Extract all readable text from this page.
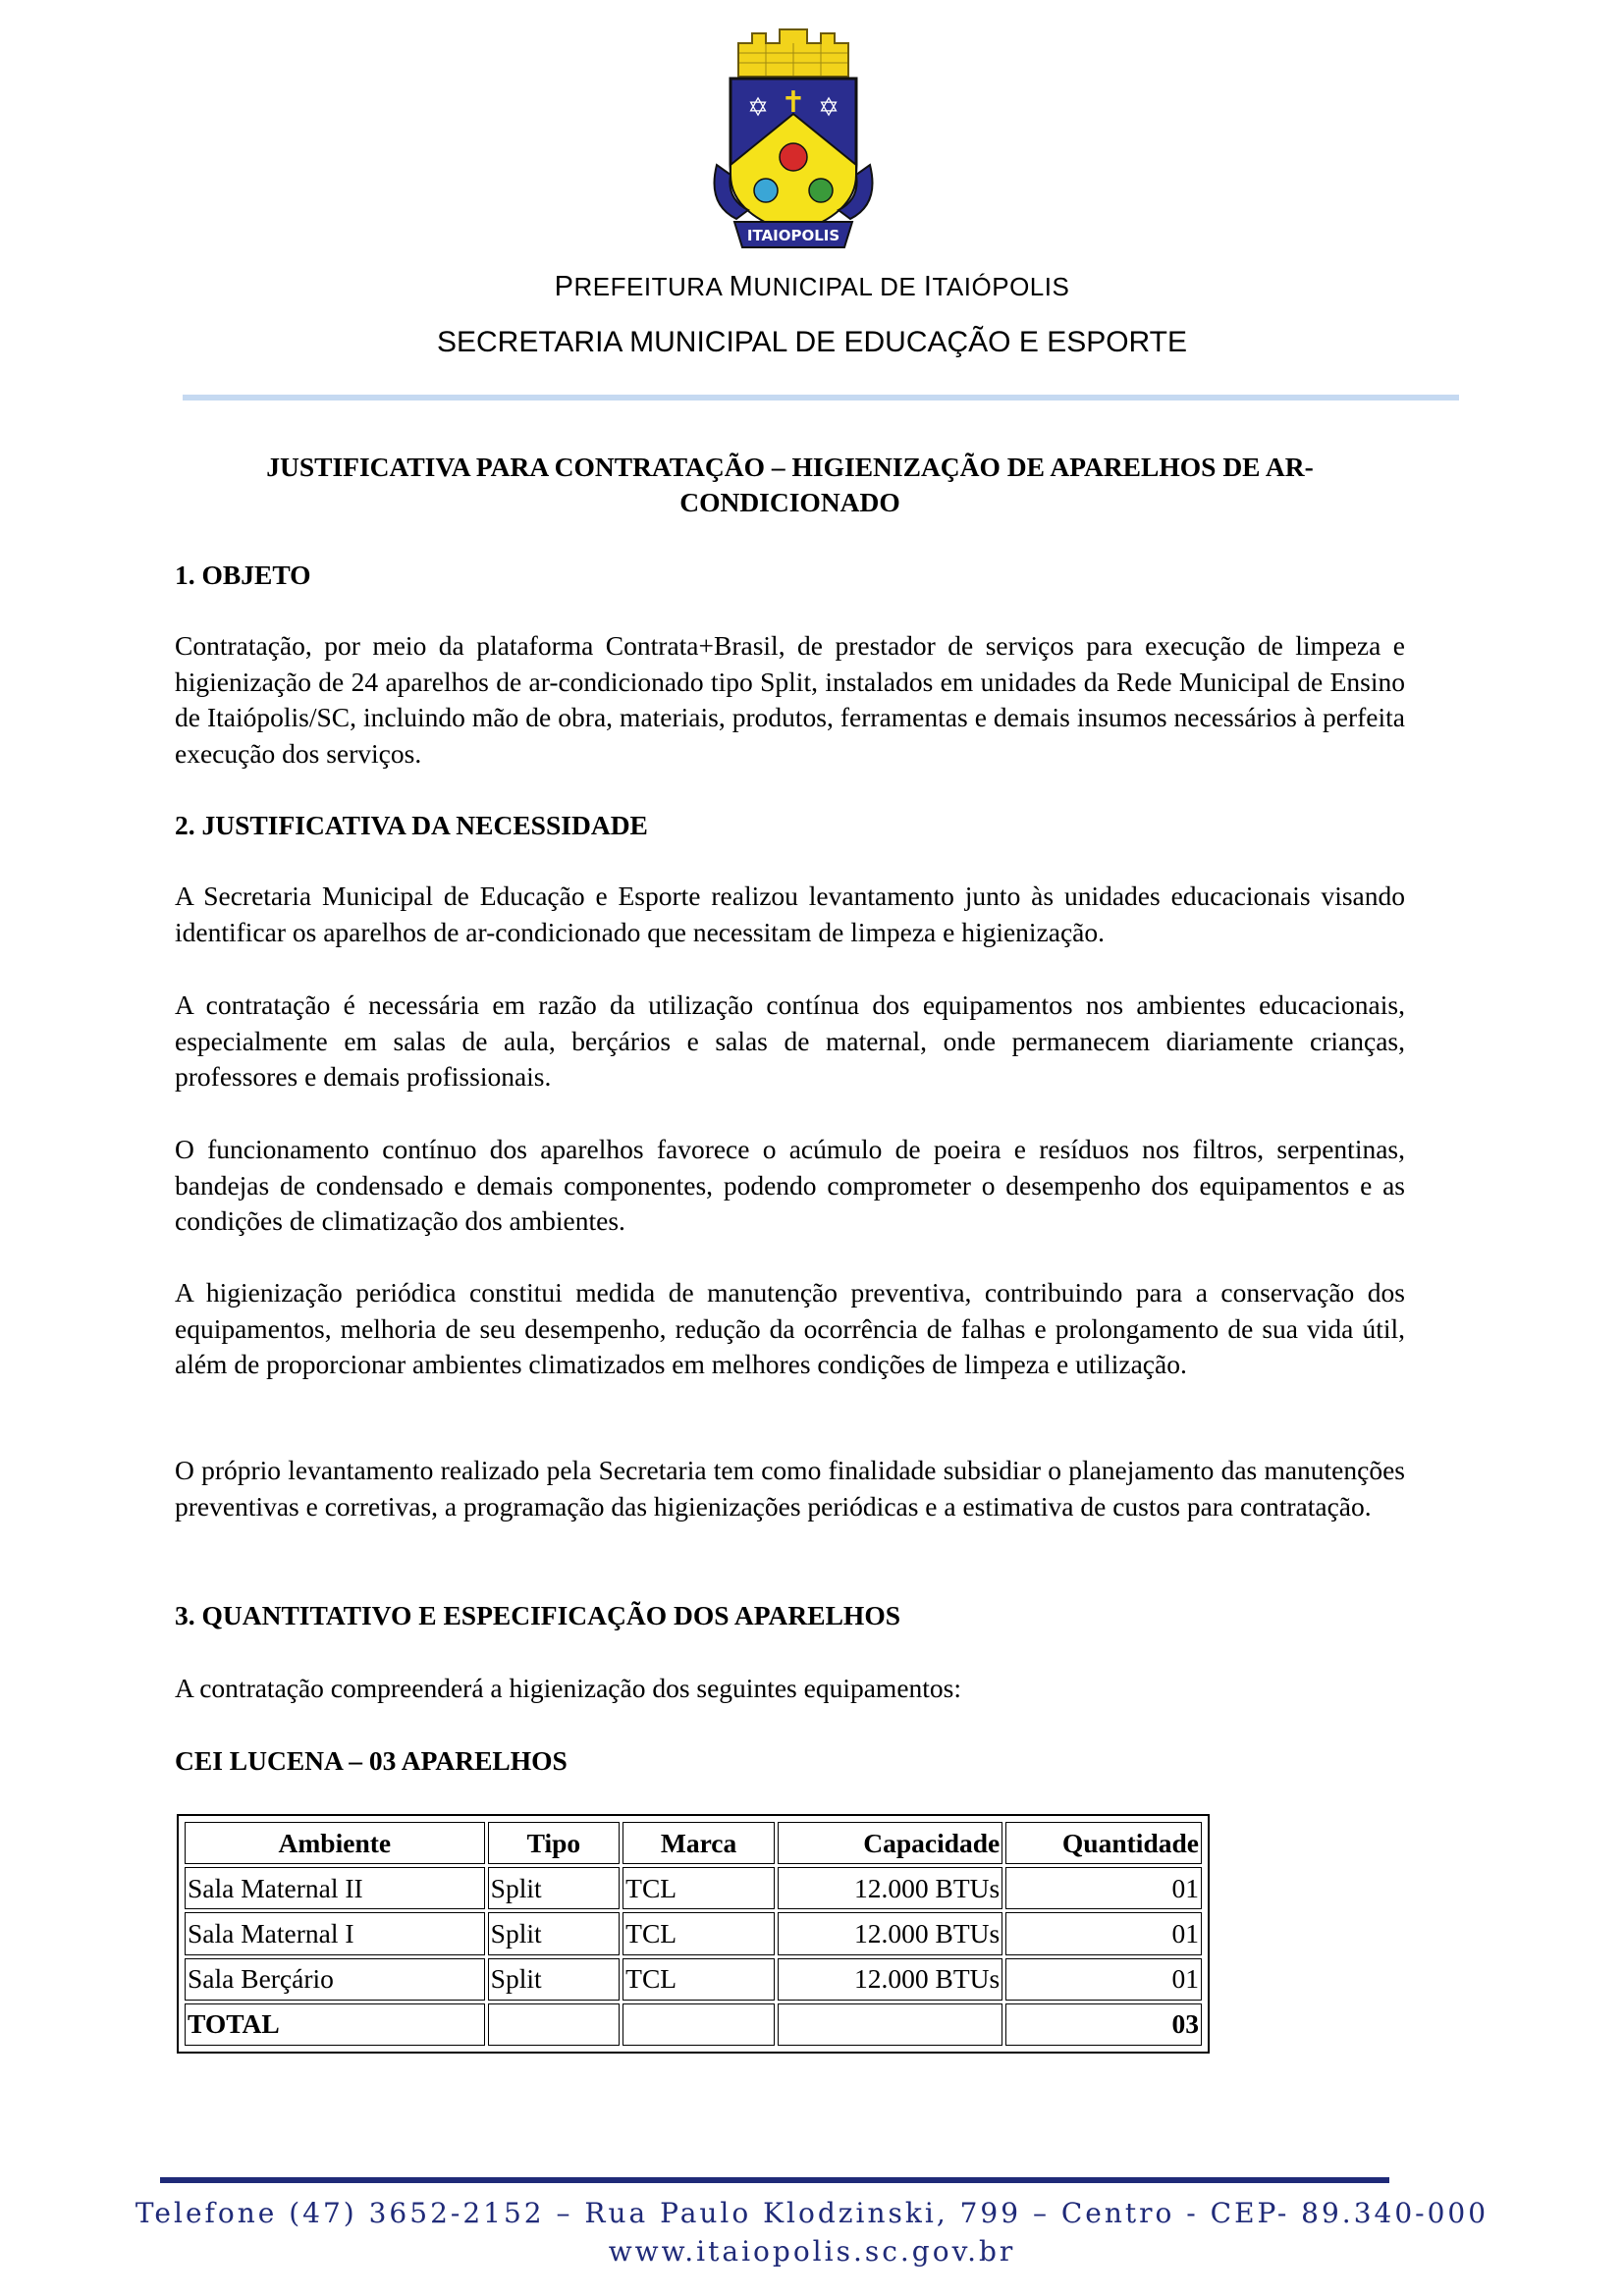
✡ ✡
✝
ITAIOPOLIS
PREFEITURA MUNICIPAL DE ITAIÓPOLIS
SECRETARIA MUNICIPAL DE EDUCAÇÃO E ESPORTE
JUSTIFICATIVA PARA CONTRATAÇÃO – HIGIENIZAÇÃO DE APARELHOS DE AR-CONDICIONADO
1. OBJETO
Contratação, por meio da plataforma Contrata+Brasil, de prestador de serviços para execução de limpeza e higienização de 24 aparelhos de ar-condicionado tipo Split, instalados em unidades da Rede Municipal de Ensino de Itaiópolis/SC, incluindo mão de obra, materiais, produtos, ferramentas e demais insumos necessários à perfeita execução dos serviços.
2. JUSTIFICATIVA DA NECESSIDADE
A Secretaria Municipal de Educação e Esporte realizou levantamento junto às unidades educacionais visando identificar os aparelhos de ar-condicionado que necessitam de limpeza e higienização.
A contratação é necessária em razão da utilização contínua dos equipamentos nos ambientes educacionais, especialmente em salas de aula, berçários e salas de maternal, onde permanecem diariamente crianças, professores e demais profissionais.
O funcionamento contínuo dos aparelhos favorece o acúmulo de poeira e resíduos nos filtros, serpentinas, bandejas de condensado e demais componentes, podendo comprometer o desempenho dos equipamentos e as condições de climatização dos ambientes.
A higienização periódica constitui medida de manutenção preventiva, contribuindo para a conservação dos equipamentos, melhoria de seu desempenho, redução da ocorrência de falhas e prolongamento de sua vida útil, além de proporcionar ambientes climatizados em melhores condições de limpeza e utilização.
O próprio levantamento realizado pela Secretaria tem como finalidade subsidiar o planejamento das manutenções preventivas e corretivas, a programação das higienizações periódicas e a estimativa de custos para contratação.
3. QUANTITATIVO E ESPECIFICAÇÃO DOS APARELHOS
A contratação compreenderá a higienização dos seguintes equipamentos:
CEI LUCENA – 03 APARELHOS
Ambiente	Tipo	Marca	Capacidade	Quantidade
Sala Maternal II	Split	TCL	12.000 BTUs	01
Sala Maternal I	Split	TCL	12.000 BTUs	01
Sala Berçário	Split	TCL	12.000 BTUs	01
TOTAL				03
Telefone (47) 3652-2152 – Rua Paulo Klodzinski, 799 – Centro - CEP- 89.340-000
www.itaiopolis.sc.gov.br
